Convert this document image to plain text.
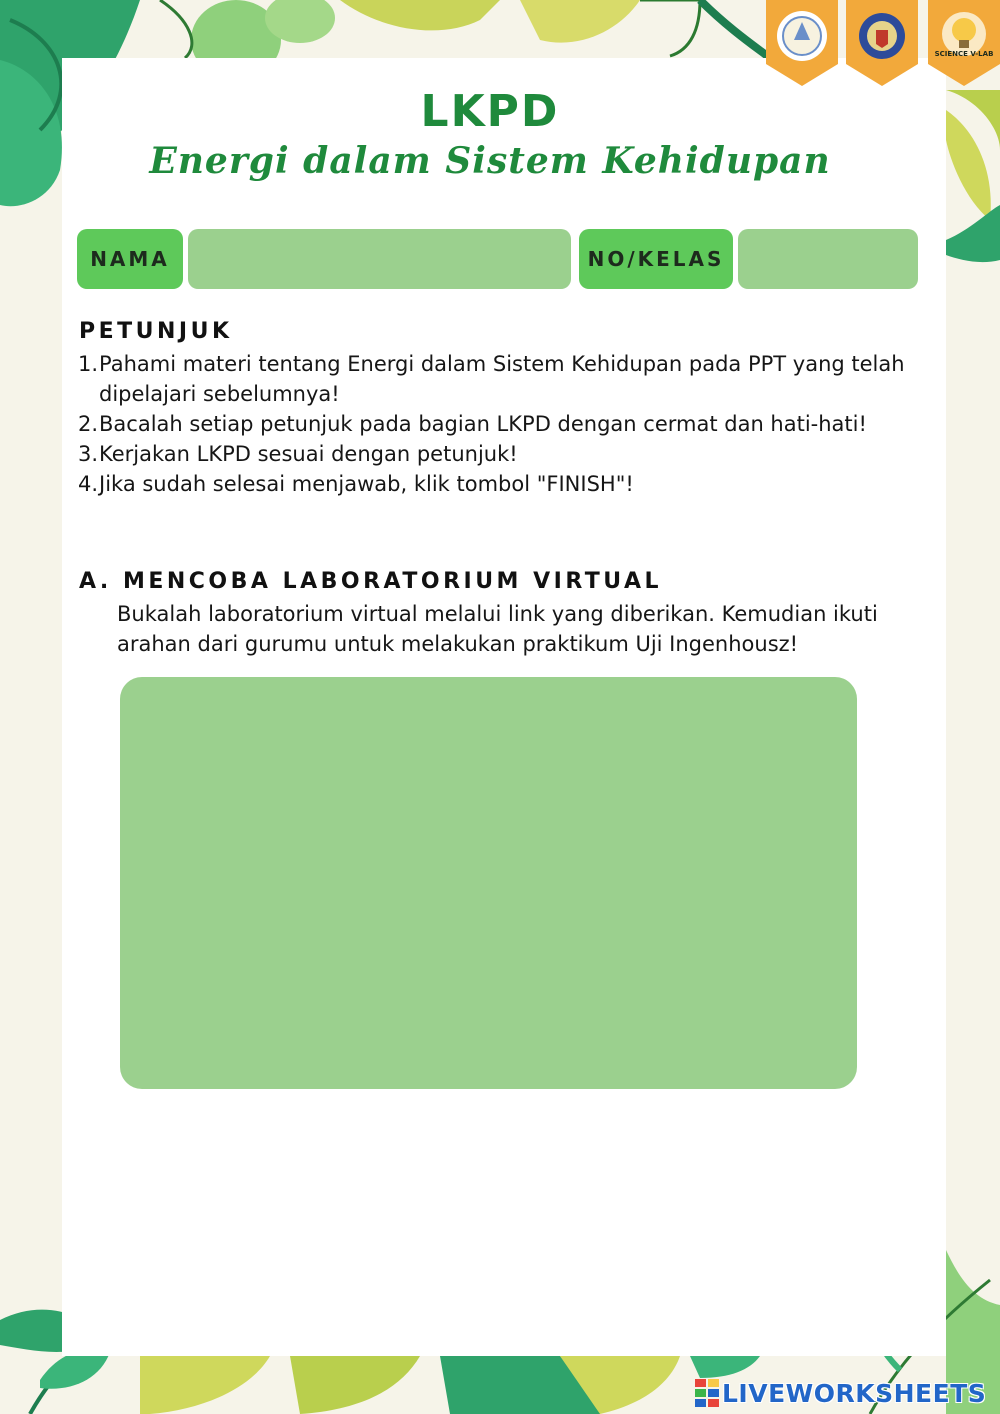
SCIENCE V-LAB
LKPD
Energi dalam Sistem Kehidupan
NAMA	NO/KELAS
PETUNJUK
1. Pahami materi tentang Energi dalam Sistem Kehidupan pada PPT yang telah dipelajari sebelumnya!
2. Bacalah setiap petunjuk pada bagian LKPD dengan cermat dan hati-hati!
3. Kerjakan LKPD sesuai dengan petunjuk!
4. Jika sudah selesai menjawab, klik tombol "FINISH"!
A. MENCOBA LABORATORIUM VIRTUAL

Bukalah laboratorium virtual melalui link yang diberikan. Kemudian ikuti arahan dari gurumu untuk melakukan praktikum Uji Ingenhousz!

LIVEWORKSHEETS
